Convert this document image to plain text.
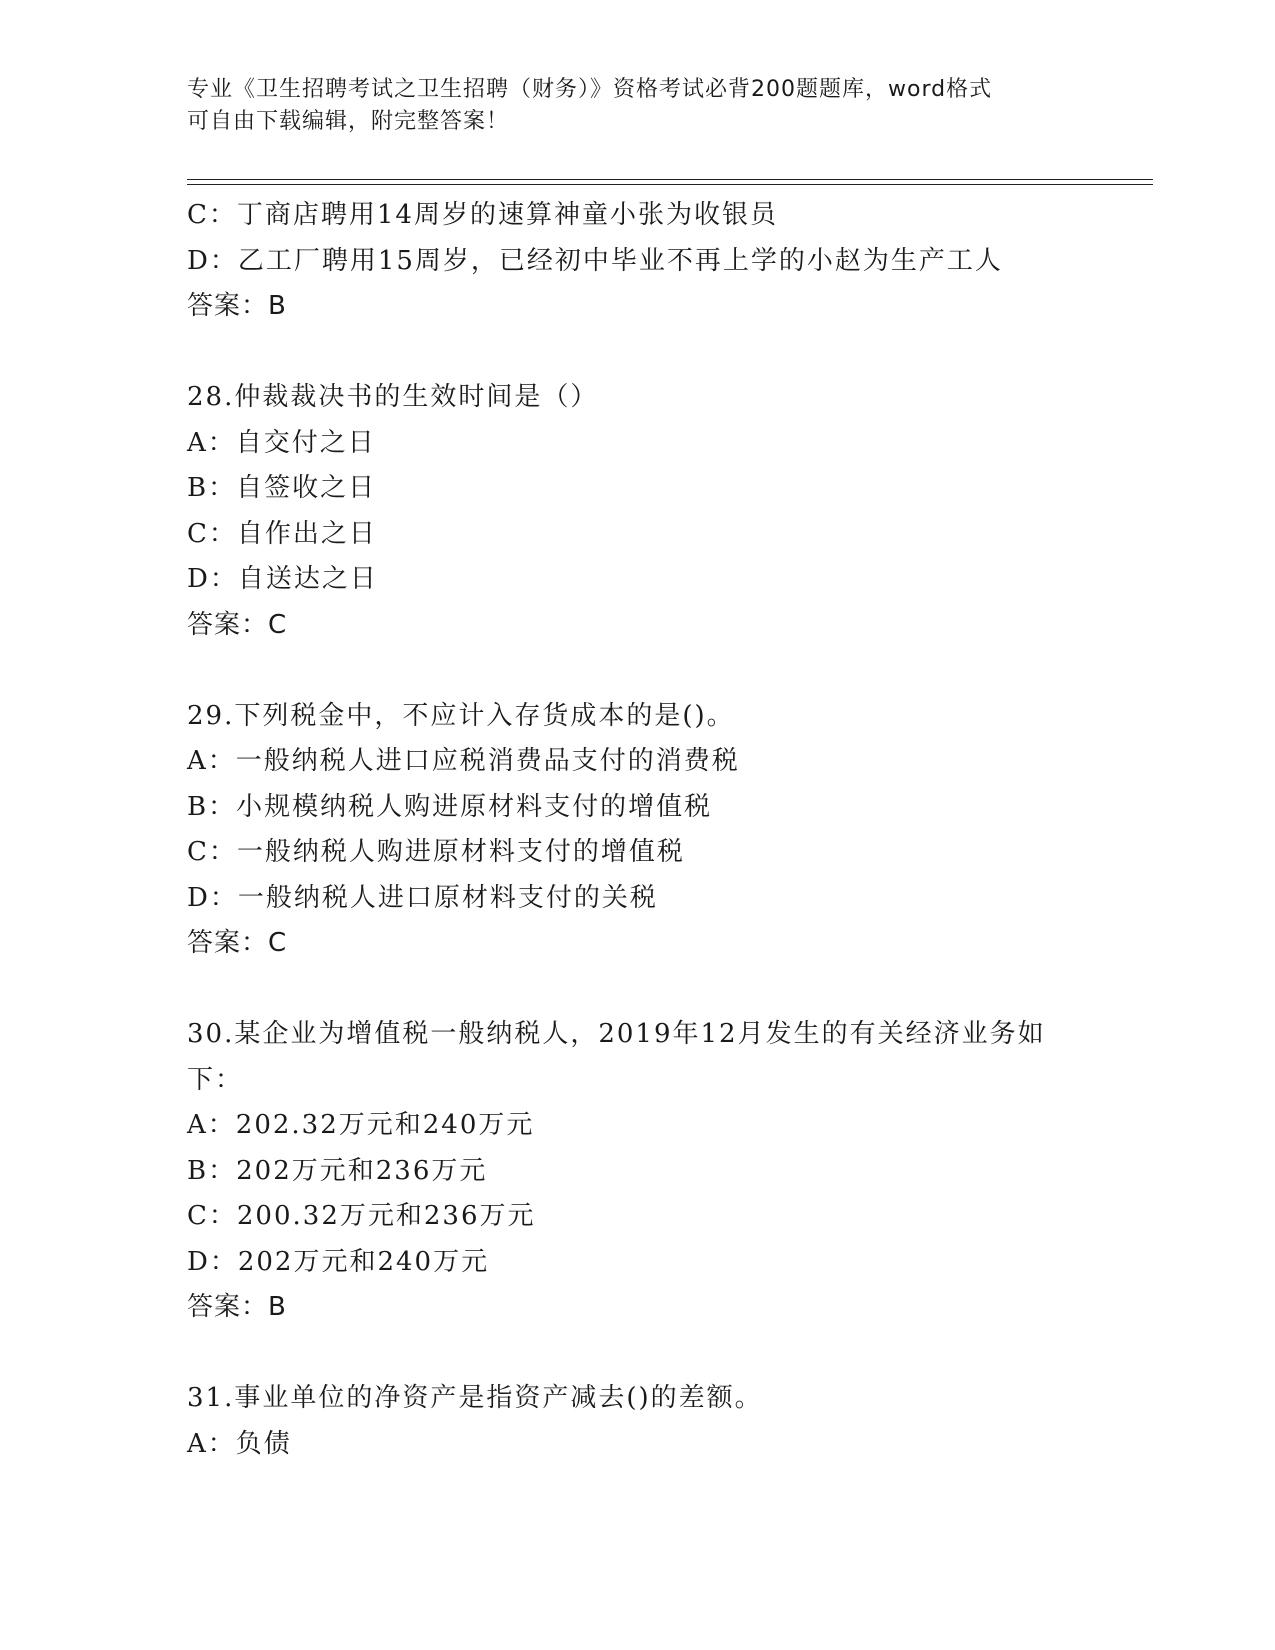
专业《卫生招聘考试之卫生招聘（财务）》资格考试必背200题题库，word格式
可自由下载编辑，附完整答案！
C：丁商店聘用14周岁的速算神童小张为收银员
D：乙工厂聘用15周岁，已经初中毕业不再上学的小赵为生产工人
答案：B
28.仲裁裁决书的生效时间是（）
A：自交付之日
B：自签收之日
C：自作出之日
D：自送达之日
答案：C
29.下列税金中，不应计入存货成本的是()。
A：一般纳税人进口应税消费品支付的消费税
B：小规模纳税人购进原材料支付的增值税
C：一般纳税人购进原材料支付的增值税
D：一般纳税人进口原材料支付的关税
答案：C
30.某企业为增值税一般纳税人，2019年12月发生的有关经济业务如
下：
A：202.32万元和240万元
B：202万元和236万元
C：200.32万元和236万元
D：202万元和240万元
答案：B
31.事业单位的净资产是指资产减去()的差额。
A：负债
